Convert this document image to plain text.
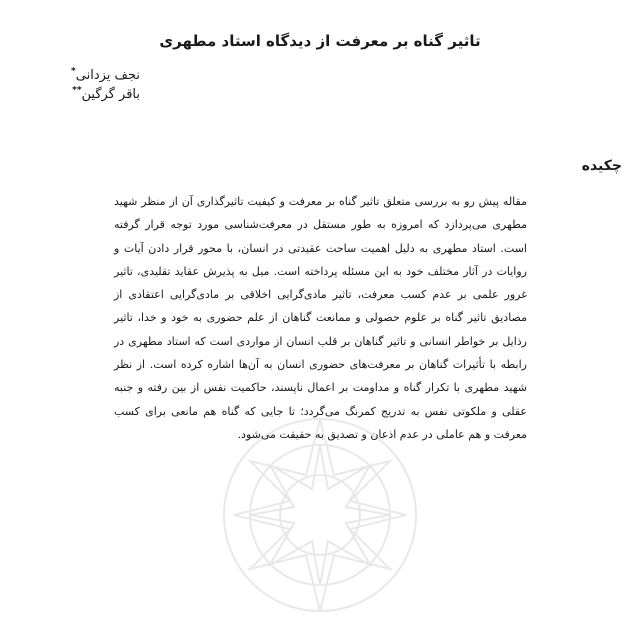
تاثیر گناه بر معرفت از دیدگاه استاد مطهری
نجف یزدانی*
باقر گرگین**
چکیده

مقاله پیش رو به بررسی متعلق تاثیر گناه بر معرفت و کیفیت تاثیرگذاری آن از منظر شهید مطهری می‌پردازد که امروزه به طور مستقل در معرفت‌شناسی مورد توجه قرار گرفته است. استاد مطهری به دلیل اهمیت ساحت عقیدتی در انسان، با محور قرار دادن آیات و روایات در آثار مختلف خود به این مسئله پرداخته است. میل به پذیرش عقاید تقلیدی، تاثیر غرور علمی بر عدم کسب معرفت، تاثیر مادی‌گرایی اخلاقی بر مادی‌گرایی اعتقادی از مصادیق تاثیر گناه بر علوم حصولی و ممانعت گناهان از علم حضوری به خود و خدا، تاثیر رذایل بر خواطر انسانی و تاثیر گناهان بر قلب انسان از مواردی است که استاد مطهری در رابطه با تأثیرات گناهان بر معرفت‌های حضوری انسان به آن‌ها اشاره کرده است. از نظر شهید مطهری با تکرار گناه و مداومت بر اعمال ناپسند، حاکمیت نفس از بین رفته و جنبه عقلی و ملکوتی نفس به تدریج کمرنگ می‌گردد؛ تا جایی که گناه هم مانعی برای کسب معرفت و هم عاملی در عدم اذعان و تصدیق به حقیقت می‌شود.
